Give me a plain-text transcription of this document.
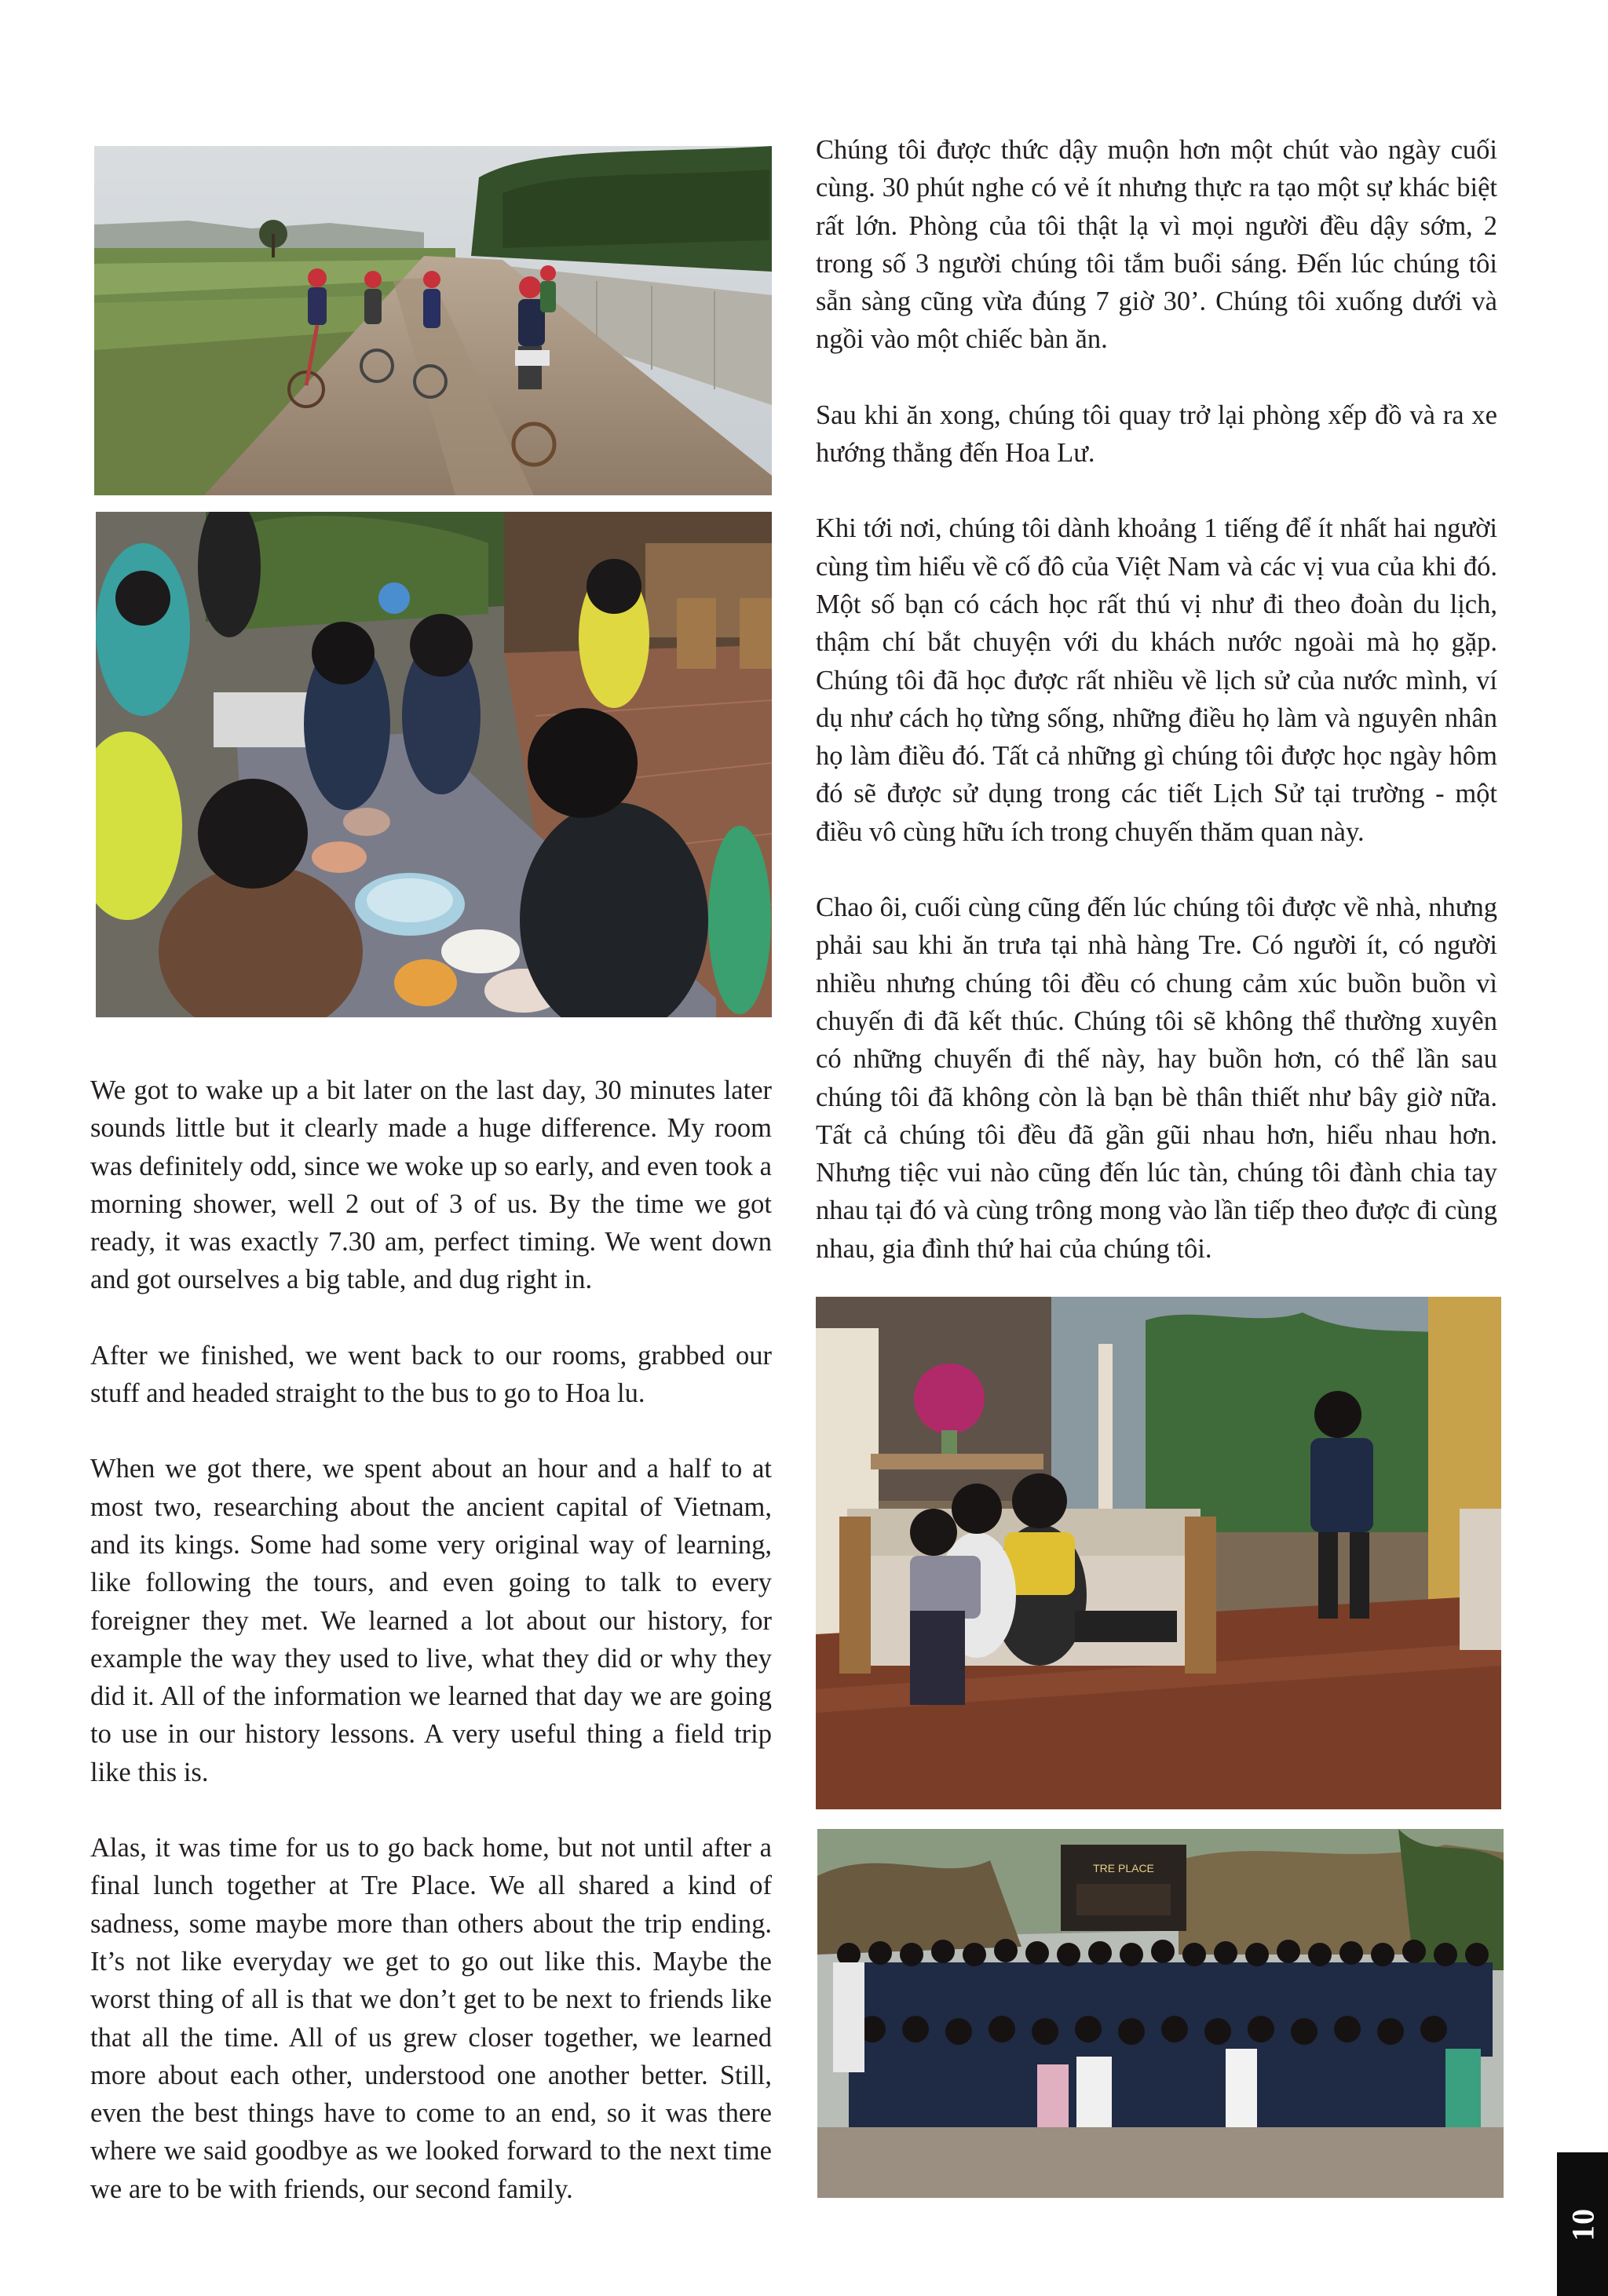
TRE PLACE

We got to wake up a bit later on the last day, 30 minutes later sounds little but it clearly made a huge difference. My room was definitely odd, since we woke up so early, and even took a morning shower, well 2 out of 3 of us. By the time we got ready, it was exactly 7.30 am, perfect timing. We went down and got ourselves a big table, and dug right in.

After we finished, we went back to our rooms, grabbed our stuff and headed straight to the bus to go to Hoa lu.

When we got there, we spent about an hour and a half to at most two, researching about the ancient capital of Vietnam, and its kings. Some had some very original way of learning, like following the tours, and even going to talk to every foreigner they met. We learned a lot about our history, for example the way they used to live, what they did or why they did it. All of the information we learned that day we are going to use in our history lessons. A very useful thing a field trip like this is.

Alas, it was time for us to go back home, but not until after a final lunch together at Tre Place. We all shared a kind of sadness, some maybe more than others about the trip ending. It’s not like everyday we get to go out like this. Maybe the worst thing of all is that we don’t get to be next to friends like that all the time. All of us grew closer together, we learned more about each other, understood one another better. Still, even the best things have to come to an end, so it was there where we said goodbye as we looked forward to the next time we are to be with friends, our second family.

Chúng tôi được thức dậy muộn hơn một chút vào ngày cuối cùng. 30 phút nghe có vẻ ít nhưng thực ra tạo một sự khác biệt rất lớn. Phòng của tôi thật lạ vì mọi người đều dậy sớm, 2 trong số 3 người chúng tôi tắm buổi sáng. Đến lúc chúng tôi sẵn sàng cũng vừa đúng 7 giờ 30’. Chúng tôi xuống dưới và ngồi vào một chiếc bàn ăn.

Sau khi ăn xong, chúng tôi quay trở lại phòng xếp đồ và ra xe hướng thẳng đến Hoa Lư.

Khi tới nơi, chúng tôi dành khoảng 1 tiếng để ít nhất hai người cùng tìm hiểu về cố đô của Việt Nam và các vị vua của khi đó. Một số bạn có cách học rất thú vị như đi theo đoàn du lịch, thậm chí bắt chuyện với du khách nước ngoài mà họ gặp. Chúng tôi đã học được rất nhiều về lịch sử của nước mình, ví dụ như cách họ từng sống, những điều họ làm và nguyên nhân họ làm điều đó. Tất cả những gì chúng tôi được học ngày hôm đó sẽ được sử dụng trong các tiết Lịch Sử tại trường - một điều vô cùng hữu ích trong chuyến thăm quan này.

Chao ôi, cuối cùng cũng đến lúc chúng tôi được về nhà, nhưng phải sau khi ăn trưa tại nhà hàng Tre. Có người ít, có người nhiều nhưng chúng tôi đều có chung cảm xúc buồn buồn vì chuyến đi đã kết thúc. Chúng tôi sẽ không thể thường xuyên có những chuyến đi thế này, hay buồn hơn, có thể lần sau chúng tôi đã không còn là bạn bè thân thiết như bây giờ nữa. Tất cả chúng tôi đều đã gần gũi nhau hơn, hiểu nhau hơn. Nhưng tiệc vui nào cũng đến lúc tàn, chúng tôi đành chia tay nhau tại đó và cùng trông mong vào lần tiếp theo được đi cùng nhau, gia đình thứ hai của chúng tôi.

10
